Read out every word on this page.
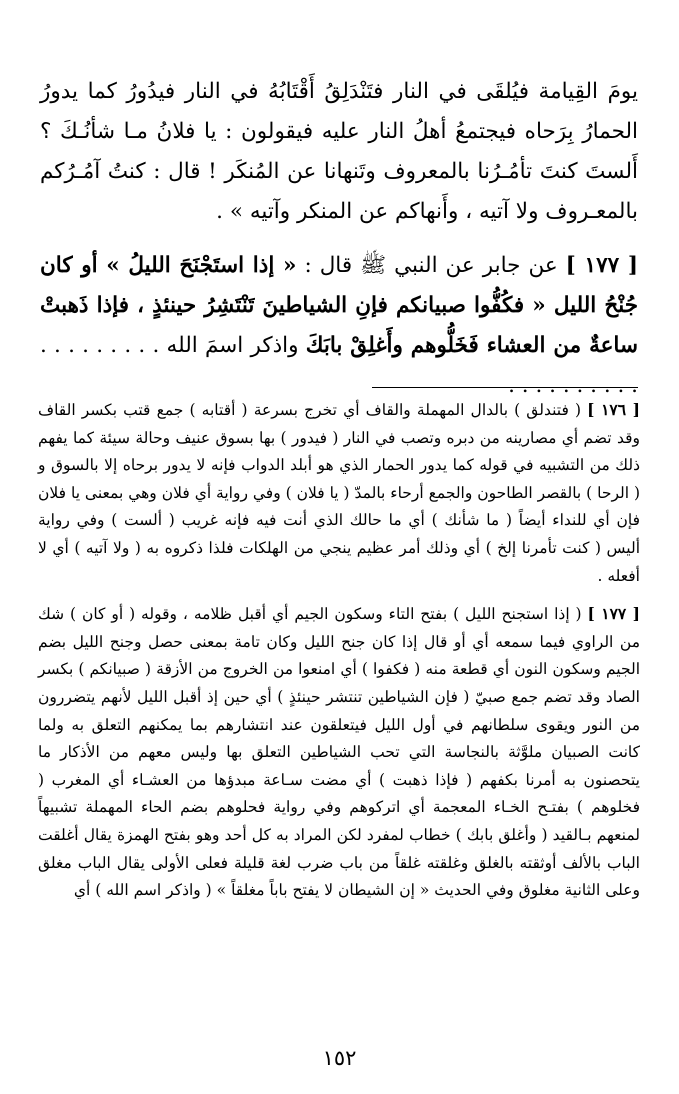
يومَ القِيامة فيُلقَى في النار فتَنْدَلِقُ أَقْتَابُهُ في النار فيدُورُ كما يدورُ الحمارُ بِرَحاه فيجتمعُ أهلُ النار عليه فيقولون : يا فلانُ مـا شأنُـكَ ؟ أَلستَ كنتَ تأمُـرُنا بالمعروف وتَنهانا عن المُنكَر ! قال : كنتُ آمُـرُكم بالمعـروف ولا آتيه ، وأَنهاكم عن المنكر وآتيه » .

[ ١٧٧ ] عن جابر عن النبي ﷺ قال : « إذا استَجْنَحَ الليلُ » أو كان جُنْحُ الليل « فكُفُّوا صبيانكم فإنِ الشياطينَ تَنْتَشِرُ حينئذٍ ، فإذا ذَهبتْ ساعةٌ من العشاء فَخَلُّوهم وأَغلِقْ بابَكَ واذكر اسمَ الله . . . . . . . . . . . . . . . . . . .

[ ١٧٦ ] ( فتندلق ) بالدال المهملة والقاف أي تخرج بسرعة ( أقتابه ) جمع قتب بكسر القاف وقد تضم أي مصارينه من دبره وتصب في النار ( فيدور ) بها بسوق عنيف وحالة سيئة كما يفهم ذلك من التشبيه في قوله كما يدور الحمار الذي هو أبلد الدواب فإنه لا يدور برحاه إلا بالسوق و ( الرحا ) بالقصر الطاحون والجمع أرحاء بالمدّ ( يا فلان ) وفي رواية أي فلان وهي بمعنى يا فلان فإن أي للنداء أيضاً ( ما شأنك ) أي ما حالك الذي أنت فيه فإنه غريب ( ألست ) وفي رواية أليس ( كنت تأمرنا إلخ ) أي وذلك أمر عظيم ينجي من الهلكات فلذا ذكروه به ( ولا آتيه ) أي لا أفعله .

[ ١٧٧ ] ( إذا استجنح الليل ) بفتح التاء وسكون الجيم أي أقبل ظلامه ، وقوله ( أو كان ) شك من الراوي فيما سمعه أي أو قال إذا كان جنح الليل وكان تامة بمعنى حصل وجنح الليل بضم الجيم وسكون النون أي قطعة منه ( فكفوا ) أي امنعوا من الخروج من الأزقة ( صبيانكم ) بكسر الصاد وقد تضم جمع صبيّ ( فإن الشياطين تنتشر حينئذٍ ) أي حين إذ أقبل الليل لأنهم يتضررون من النور ويقوى سلطانهم في أول الليل فيتعلقون عند انتشارهم بما يمكنهم التعلق به ولما كانت الصبيان ملوَّثة بالنجاسة التي تحب الشياطين التعلق بها وليس معهم من الأذكار ما يتحصنون به أمرنا بكفهم ( فإذا ذهبت ) أي مضت سـاعة مبدؤها من العشـاء أي المغرب ( فخلوهم ) بفتـح الخـاء المعجمة أي اتركوهم وفي رواية فحلوهم بضم الحاء المهملة تشبيهاً لمنعهم بـالقيد ( وأغلق بابك ) خطاب لمفرد لكن المراد به كل أحد وهو بفتح الهمزة يقال أغلقت الباب بالألف أوثقته بالغلق وغلقته غلقاً من باب ضرب لغة قليلة فعلى الأولى يقال الباب مغلق وعلى الثانية مغلوق وفي الحديث « إن الشيطان لا يفتح باباً مغلقاً » ( واذكر اسم الله ) أي

١٥٢
